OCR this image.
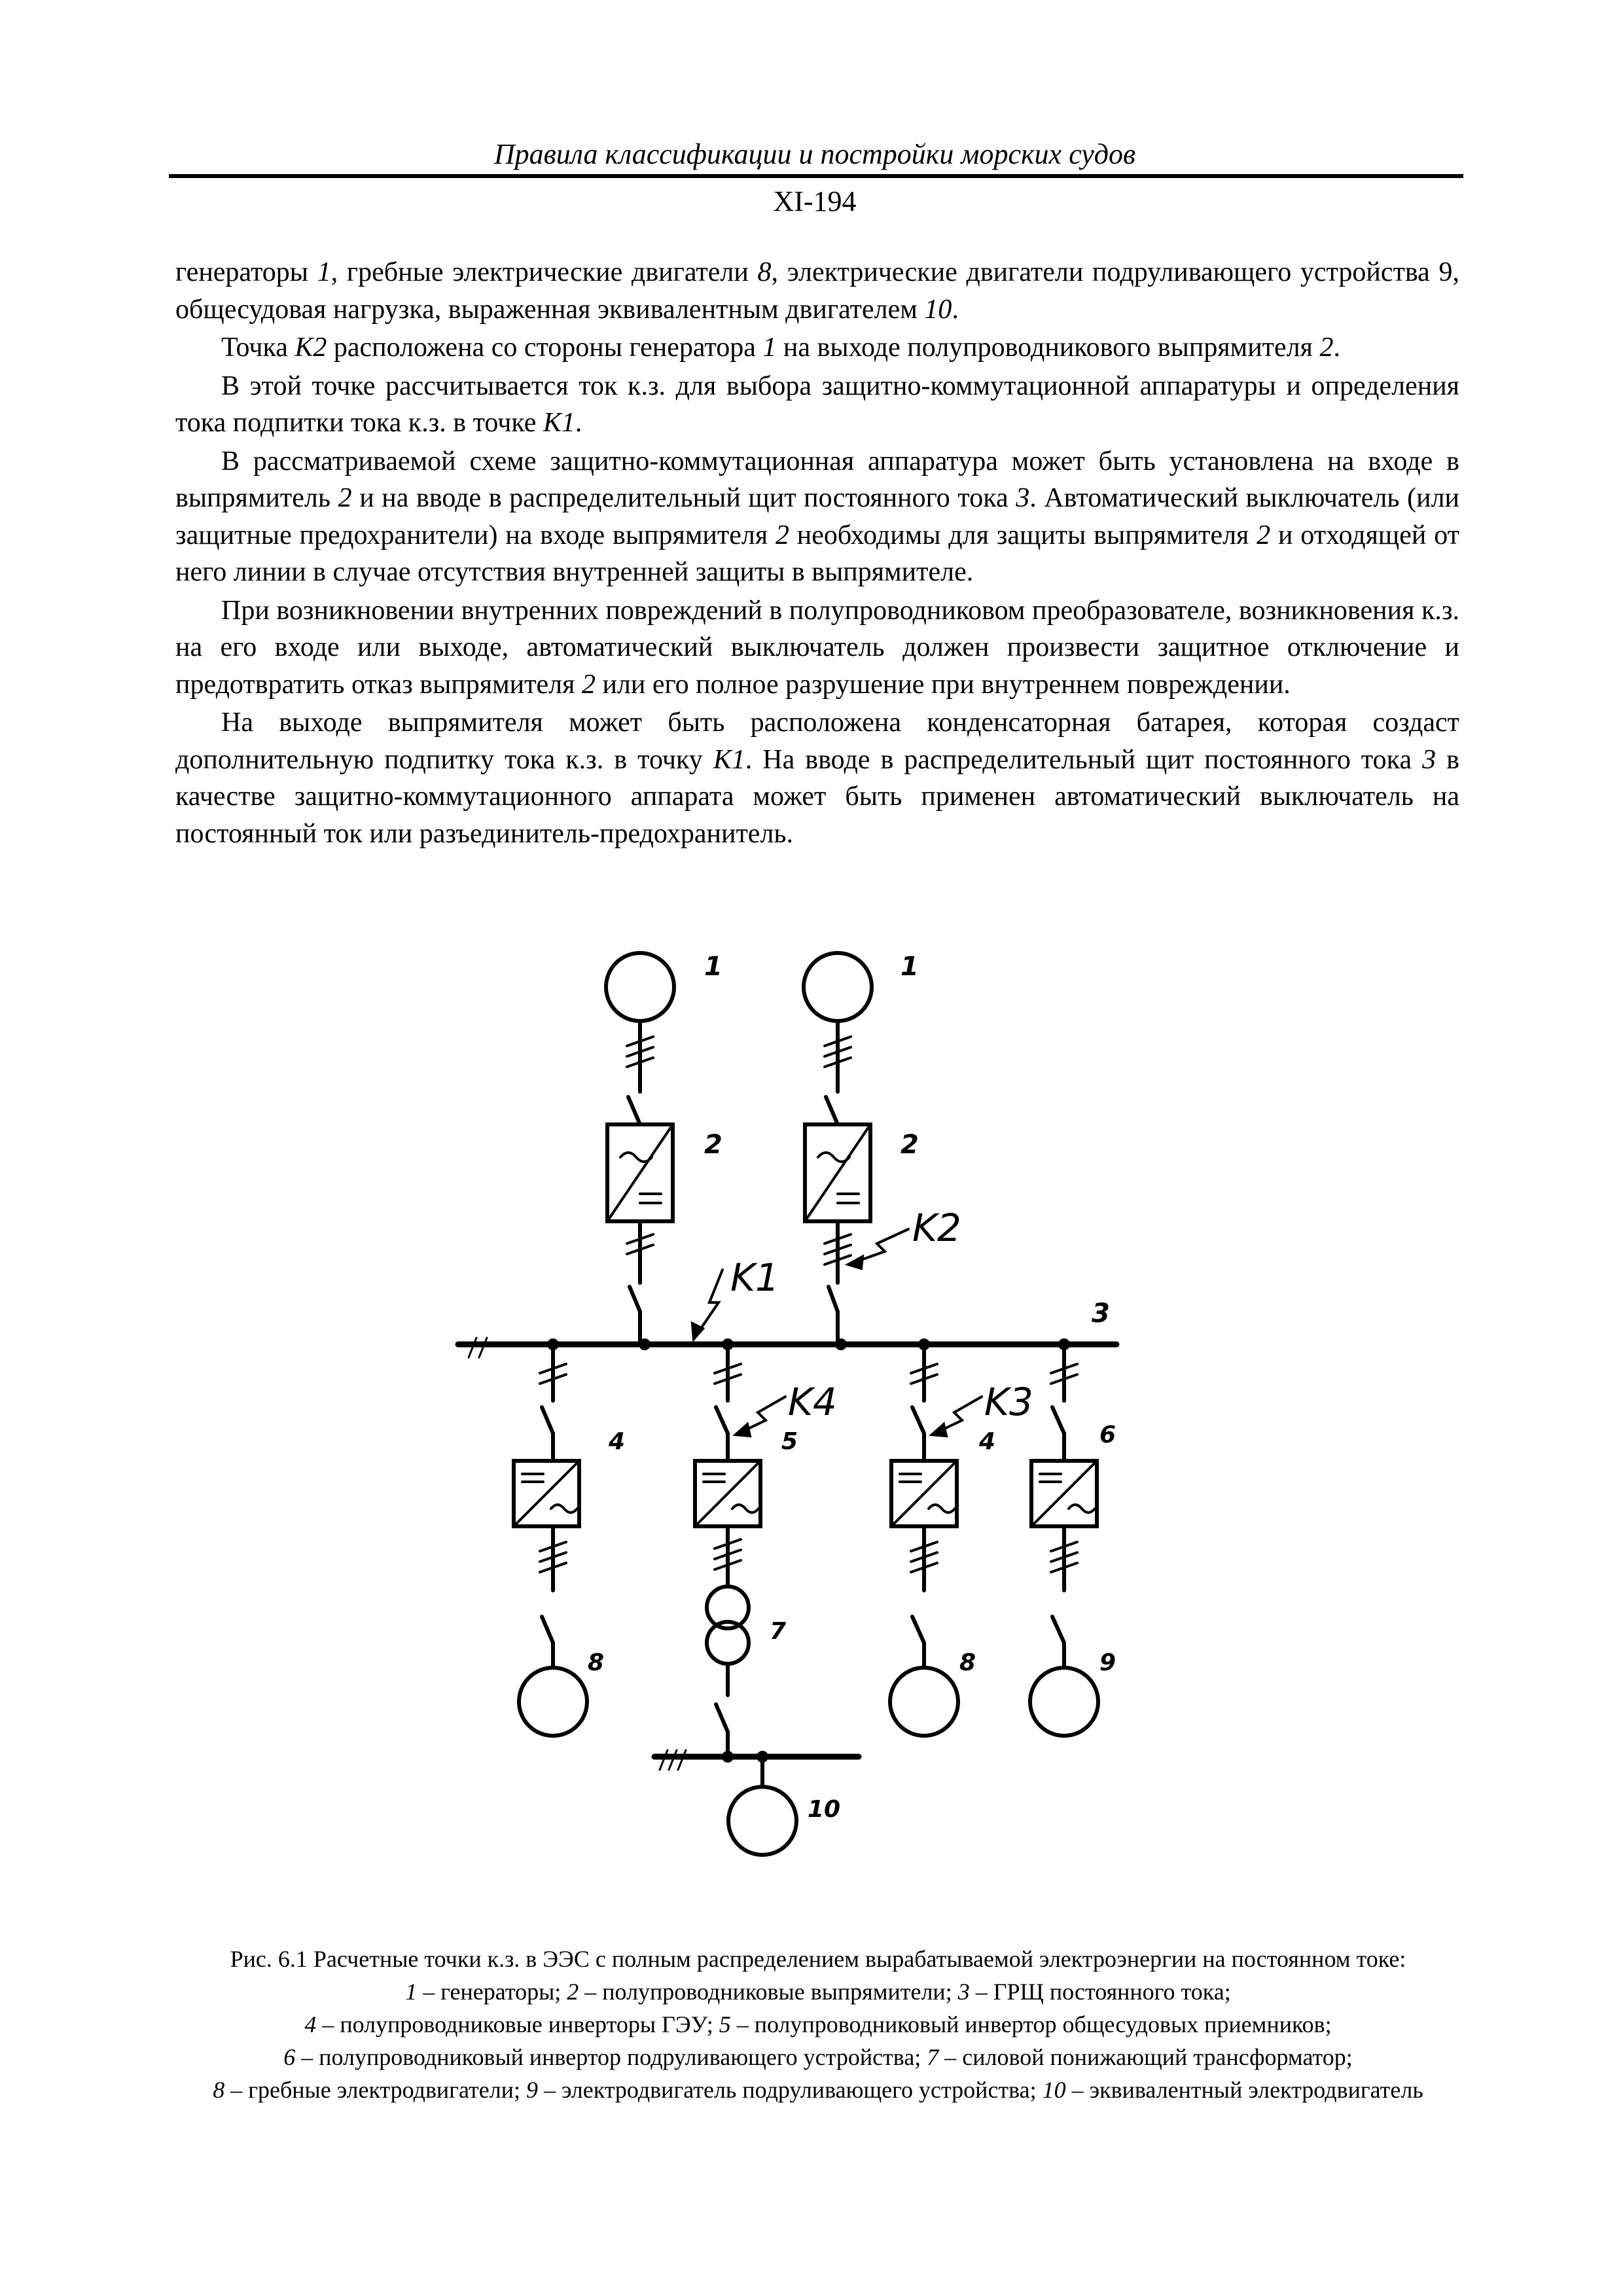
Правила классификации и постройки морских судов
XI-194

генераторы 1, гребные электрические двигатели 8, электрические двигатели подруливающего устройства 9, общесудовая нагрузка, выраженная эквивалентным двигателем 10.

Точка К2 расположена со стороны генератора 1 на выходе полупроводникового выпрямителя 2.

В этой точке рассчитывается ток к.з. для выбора защитно-коммутационной аппаратуры и определения тока подпитки тока к.з. в точке К1.

В рассматриваемой схеме защитно-коммутационная аппаратура может быть установлена на входе в выпрямитель 2 и на вводе в распределительный щит постоянного тока 3. Автоматический выключатель (или защитные предохранители) на входе выпрямителя 2 необходимы для защиты выпрямителя 2 и отходящей от него линии в случае отсутствия внутренней защиты в выпрямителе.

При возникновении внутренних повреждений в полупроводниковом преобразователе, возникновения к.з. на его входе или выходе, автоматический выключатель должен произвести защитное отключение и предотвратить отказ выпрямителя 2 или его полное разрушение при внутреннем повреждении.

На выходе выпрямителя может быть расположена конденсаторная батарея, которая создаст дополнительную подпитку тока к.з. в точку К1. На вводе в распределительный щит постоянного тока 3 в качестве защитно-коммутационного аппарата может быть применен автоматический выключатель на постоянный ток или разъединитель-предохранитель.

1	1
2	2
3
4	5	4	6
7
8	8	9
10
K1
K2
K4	K3
Рис. 6.1 Расчетные точки к.з. в ЭЭС с полным распределением вырабатываемой электроэнергии на постоянном токе:
1 – генераторы; 2 – полупроводниковые выпрямители; 3 – ГРЩ постоянного тока;
4 – полупроводниковые инверторы ГЭУ; 5 – полупроводниковый инвертор общесудовых приемников;
6 – полупроводниковый инвертор подруливающего устройства; 7 – силовой понижающий трансформатор;
8 – гребные электродвигатели; 9 – электродвигатель подруливающего устройства; 10 – эквивалентный электродвигатель
